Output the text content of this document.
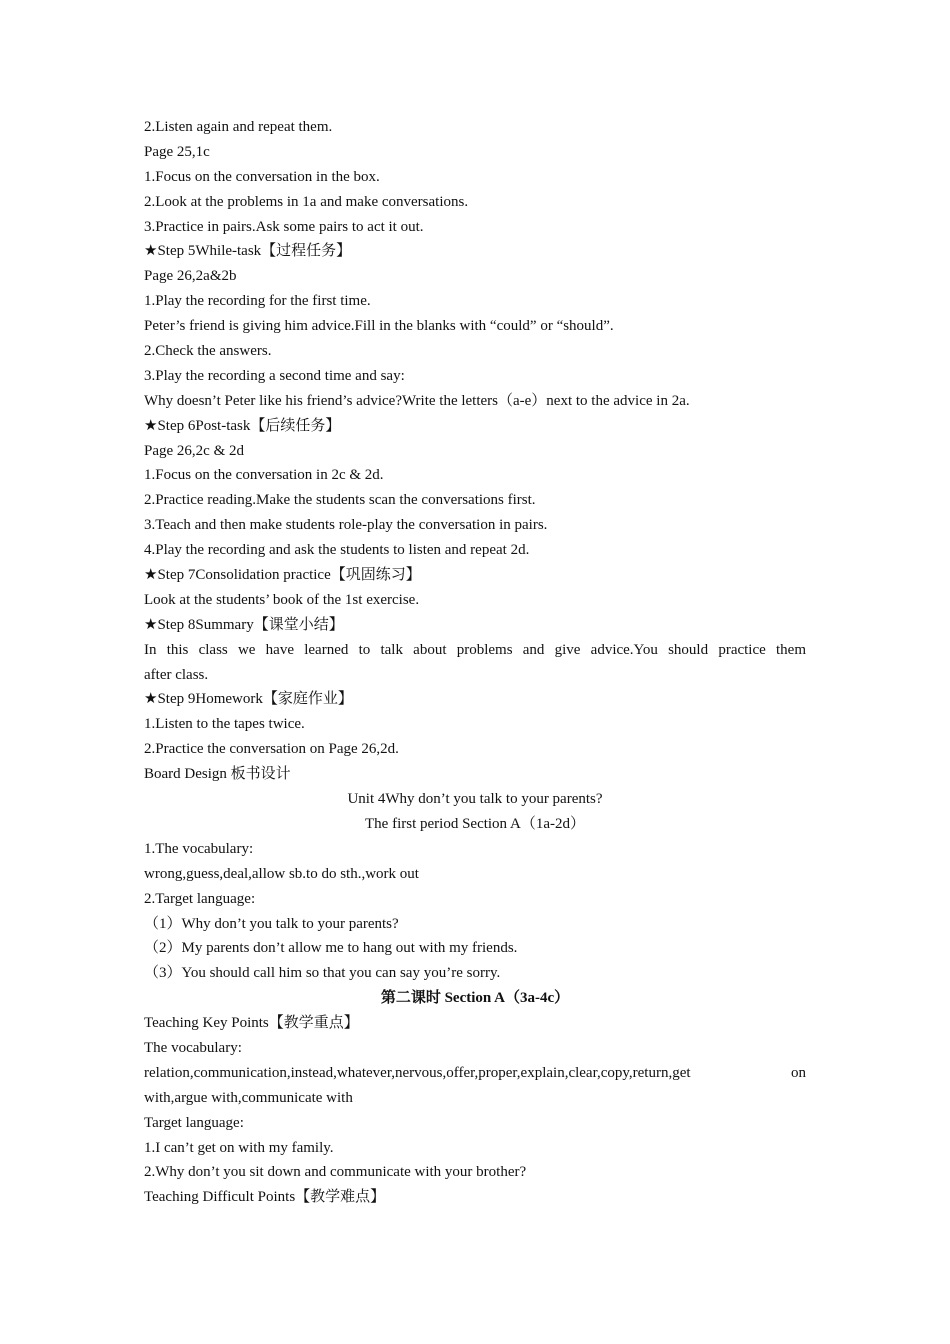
2.Listen again and repeat them.
Page 25,1c
1.Focus on the conversation in the box.
2.Look at the problems in 1a and make conversations.
3.Practice in pairs.Ask some pairs to act it out.
★Step 5While-task【过程任务】
Page 26,2a&2b
1.Play the recording for the first time.
Peter’s friend is giving him advice.Fill in the blanks with “could” or “should”.
2.Check the answers.
3.Play the recording a second time and say:
Why doesn’t Peter like his friend’s advice?Write the letters（a-e）next to the advice in 2a.
★Step 6Post-task【后续任务】
Page 26,2c & 2d
1.Focus on the conversation in 2c & 2d.
2.Practice reading.Make the students scan the conversations first.
3.Teach and then make students role-play the conversation in pairs.
4.Play the recording and ask the students to listen and repeat 2d.
★Step 7Consolidation practice【巩固练习】
Look at the students’ book of the 1st exercise.
★Step 8Summary【课堂小结】
In this class we have learned to talk about problems and give advice.You should practice them
after class.
★Step 9Homework【家庭作业】
1.Listen to the tapes twice.
2.Practice the conversation on Page 26,2d.
Board Design 板书设计
Unit 4Why don’t you talk to your parents?
The first period Section A（1a-2d）
1.The vocabulary:
wrong,guess,deal,allow sb.to do sth.,work out
2.Target language:
（1）Why don’t you talk to your parents?
（2）My parents don’t allow me to hang out with my friends.
（3）You should call him so that you can say you’re sorry.
第二课时 Section A（3a-4c）
Teaching Key Points【教学重点】
The vocabulary:
relation,communication,instead,whatever,nervous,offer,proper,explain,clear,copy,return,get	on
with,argue with,communicate with
Target language:
1.I can’t get on with my family.
2.Why don’t you sit down and communicate with your brother?
Teaching Difficult Points【教学难点】
